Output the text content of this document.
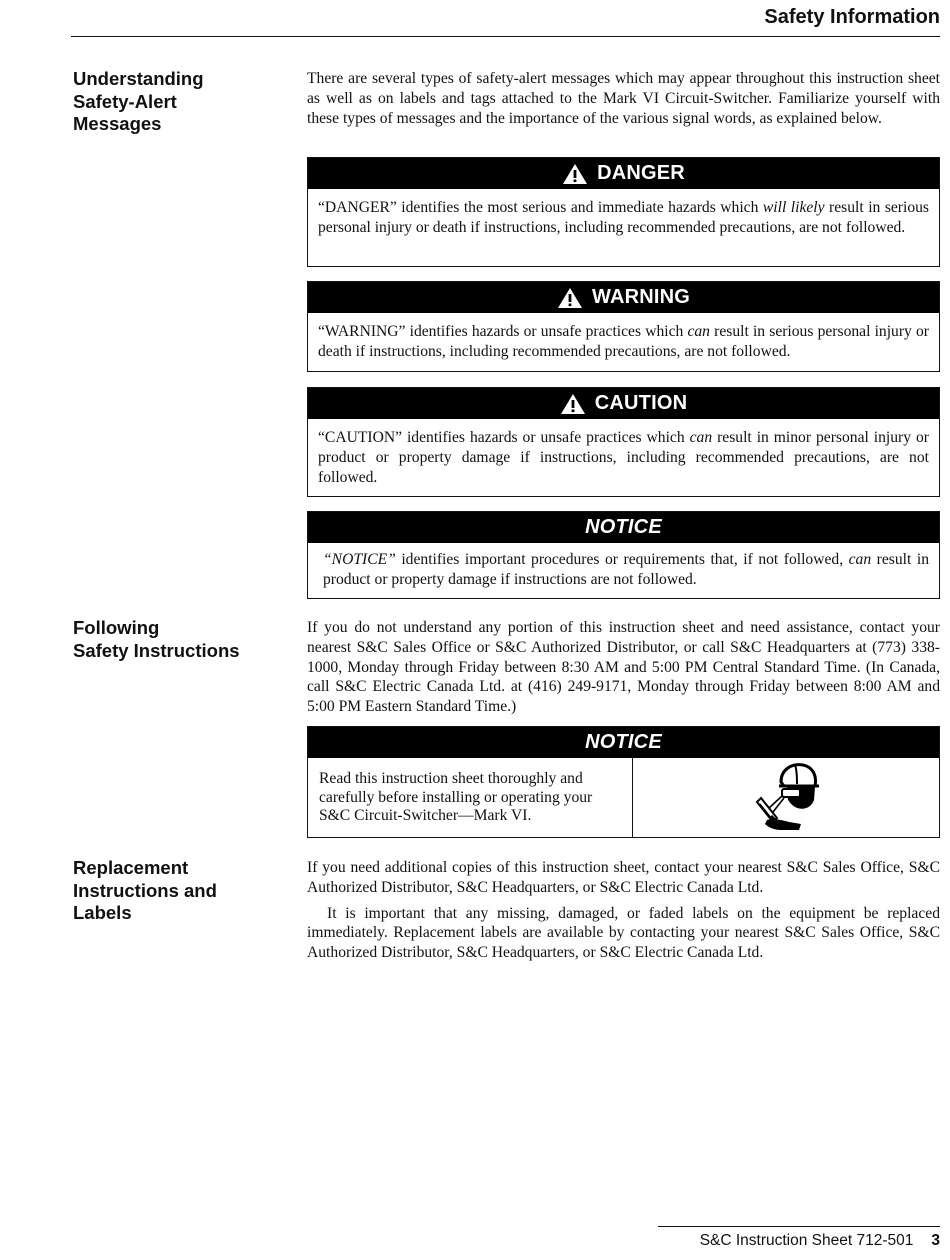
Safety Information
Understanding
Safety-Alert
Messages

There are several types of safety-alert messages which may appear throughout this instruction sheet as well as on labels and tags attached to the Mark VI Circuit-Switcher. Familiarize yourself with these types of messages and the importance of the various signal words, as explained below.

DANGER
“DANGER” identifies the most serious and immediate hazards which will likely result in serious personal injury or death if instructions, including recommended precautions, are not followed.
WARNING
“WARNING” identifies hazards or unsafe practices which can result in serious personal injury or death if instructions, including recommended precautions, are not followed.
CAUTION
“CAUTION” identifies hazards or unsafe practices which can result in minor personal injury or product or property damage if instructions, including recommended precautions, are not followed.
NOTICE
“NOTICE” identifies important procedures or requirements that, if not followed, can result in product or property damage if instructions are not followed.
Following
Safety Instructions

If you do not understand any portion of this instruction sheet and need assistance, contact your nearest S&C Sales Office or S&C Authorized Distributor, or call S&C Headquarters at (773) 338-1000, Monday through Friday between 8:30 AM and 5:00 PM Central Standard Time. (In Canada, call S&C Electric Canada Ltd. at (416) 249-9171, Monday through Friday between 8:00 AM and 5:00 PM Eastern Standard Time.)

NOTICE
Read this instruction sheet thoroughly and carefully before installing or operating your S&C Circuit-Switcher—Mark VI.
Replacement
Instructions and
Labels

If you need additional copies of this instruction sheet, contact your nearest S&C Sales Office, S&C Authorized Distributor, S&C Headquarters, or S&C Electric Canada Ltd.

It is important that any missing, damaged, or faded labels on the equipment be replaced immediately. Replacement labels are available by contacting your nearest S&C Sales Office, S&C Authorized Distributor, S&C Headquarters, or S&C Electric Canada Ltd.

S&C Instruction Sheet 712-501 3
